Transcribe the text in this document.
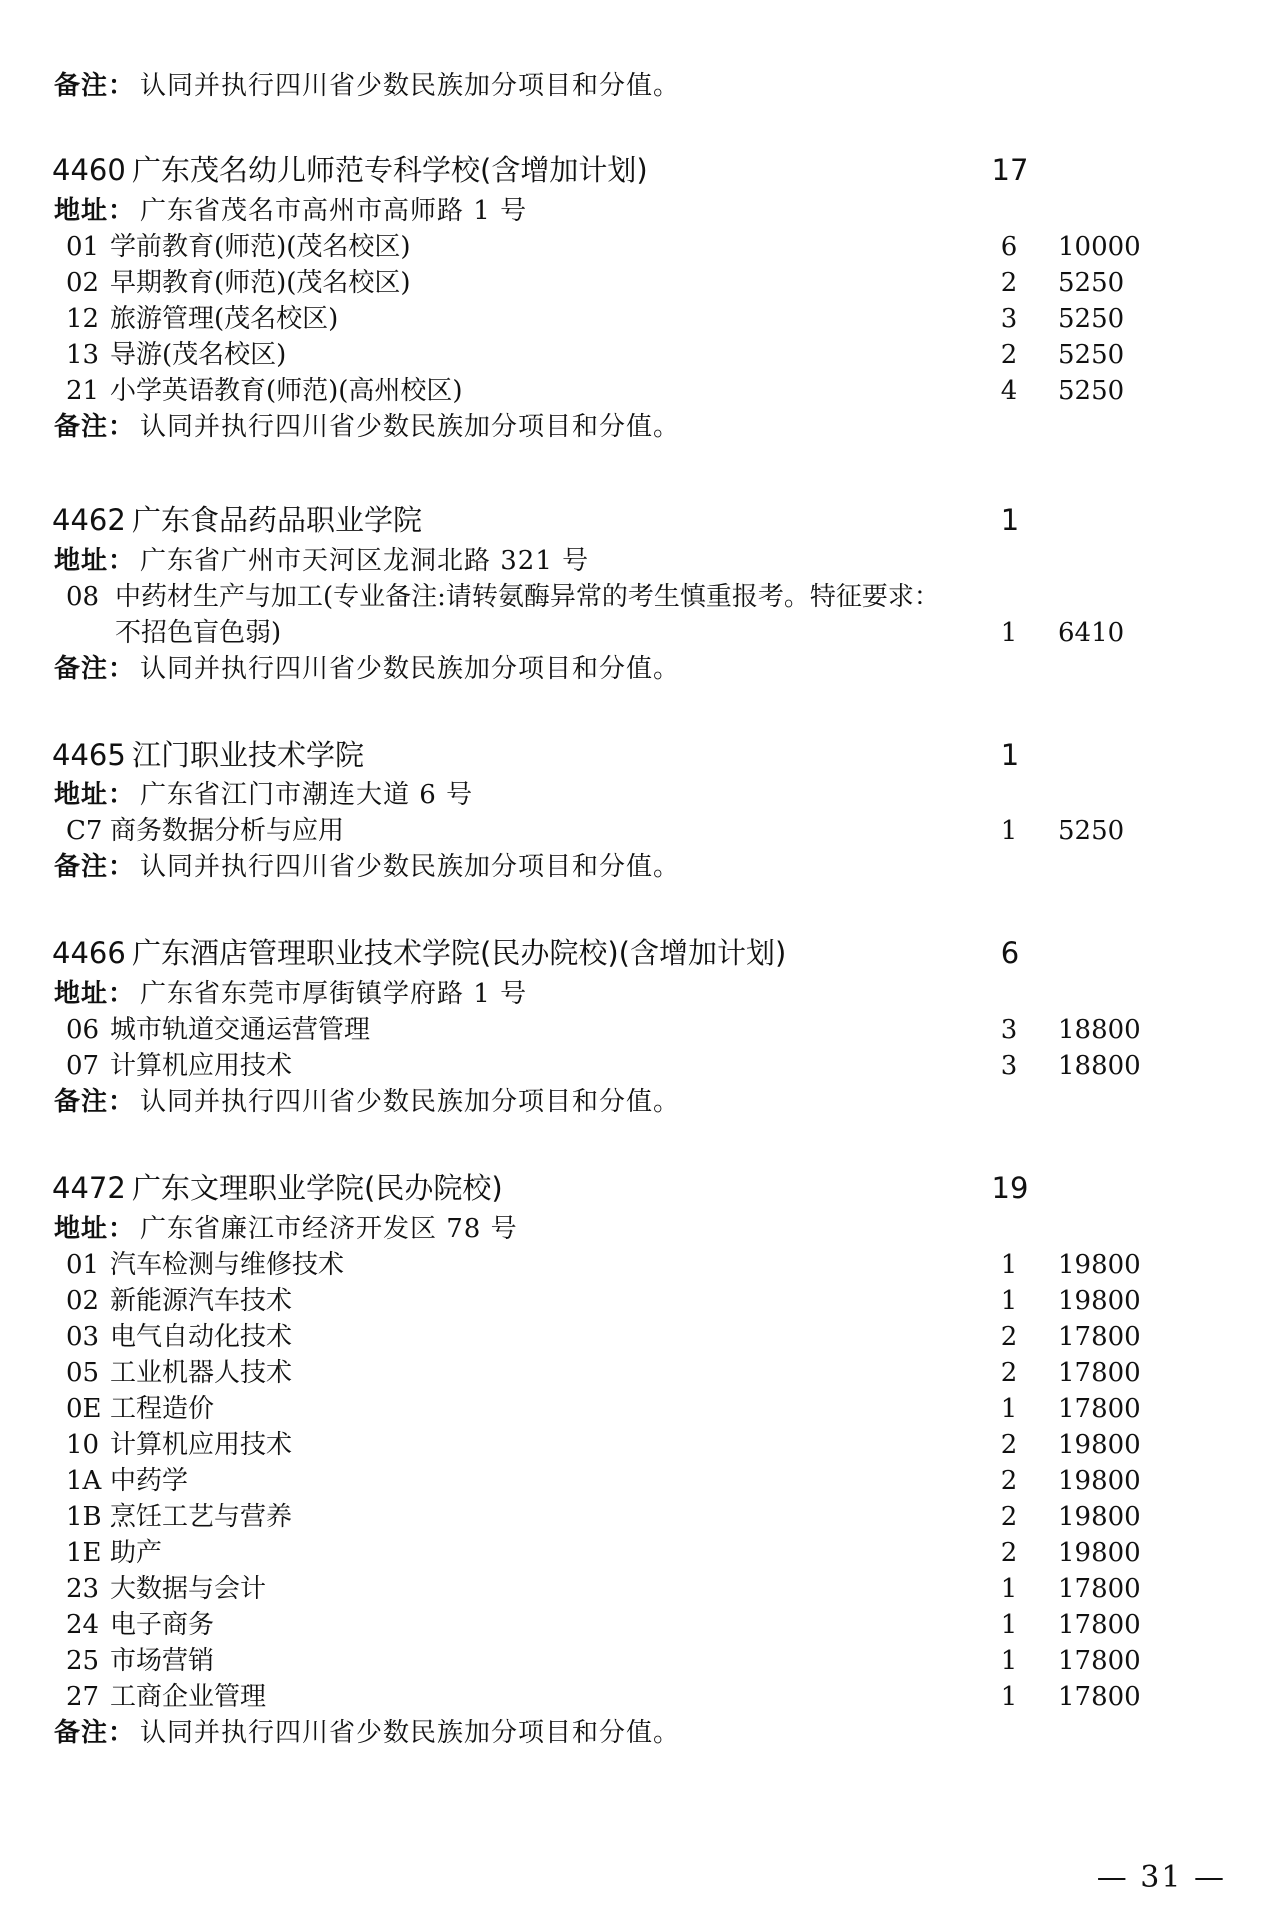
备注： 认同并执行四川省少数民族加分项目和分值。
4460 广东茂名幼儿师范专科学校(含增加计划)	17
地址： 广东省茂名市高州市高师路 1 号
01 学前教育(师范)(茂名校区)	6	10000
02 早期教育(师范)(茂名校区)	2	5250
12 旅游管理(茂名校区)	3	5250
13 导游(茂名校区)	2	5250
21 小学英语教育(师范)(高州校区)	4	5250
备注： 认同并执行四川省少数民族加分项目和分值。
4462 广东食品药品职业学院	1
地址： 广东省广州市天河区龙洞北路 321 号
08 中药材生产与加工(专业备注:请转氨酶异常的考生慎重报考。特征要求：不招色盲色弱)	1	6410
备注： 认同并执行四川省少数民族加分项目和分值。
4465 江门职业技术学院	1
地址： 广东省江门市潮连大道 6 号
C7 商务数据分析与应用	1	5250
备注： 认同并执行四川省少数民族加分项目和分值。
4466 广东酒店管理职业技术学院(民办院校)(含增加计划)	6
地址： 广东省东莞市厚街镇学府路 1 号
06 城市轨道交通运营管理	3	18800
07 计算机应用技术	3	18800
备注： 认同并执行四川省少数民族加分项目和分值。
4472 广东文理职业学院(民办院校)	19
地址： 广东省廉江市经济开发区 78 号
01 汽车检测与维修技术	1	19800
02 新能源汽车技术	1	19800
03 电气自动化技术	2	17800
05 工业机器人技术	2	17800
0E 工程造价	1	17800
10 计算机应用技术	2	19800
1A 中药学	2	19800
1B 烹饪工艺与营养	2	19800
1E 助产	2	19800
23 大数据与会计	1	17800
24 电子商务	1	17800
25 市场营销	1	17800
27 工商企业管理	1	17800
备注： 认同并执行四川省少数民族加分项目和分值。
— 31 —
